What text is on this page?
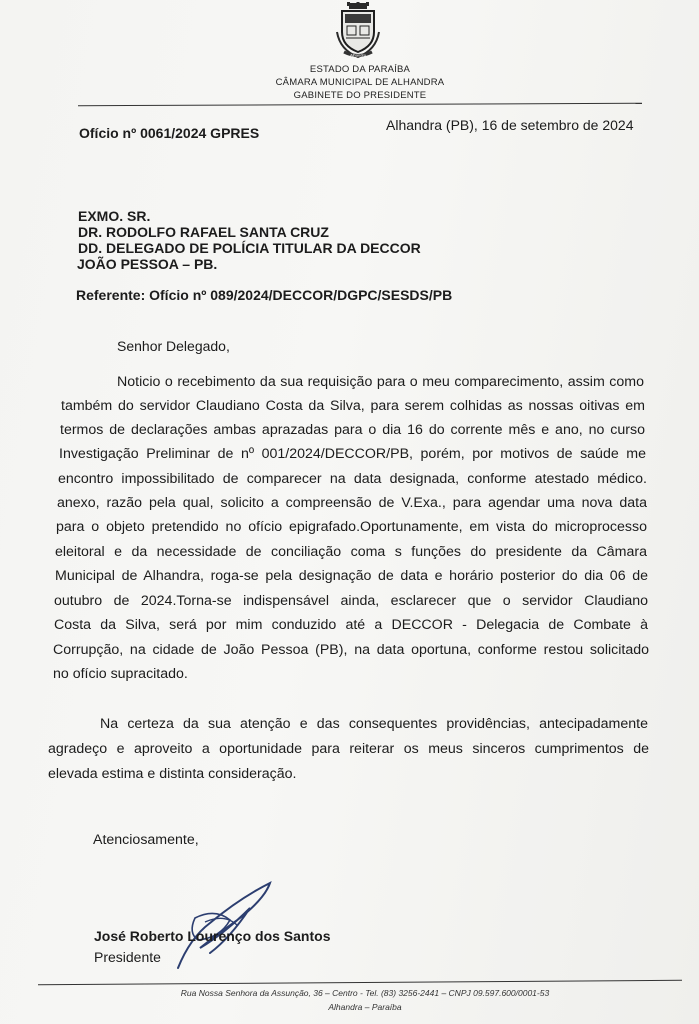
Alhandra
ESTADO DA PARAÍBA
CÂMARA MUNICIPAL DE ALHANDRA
GABINETE DO PRESIDENTE
Ofício nº 0061/2024 GPRES	Alhandra (PB), 16 de setembro de 2024
EXMO. SR.
DR. RODOLFO RAFAEL SANTA CRUZ
DD. DELEGADO DE POLÍCIA TITULAR DA DECCOR
JOÃO PESSOA – PB.
Referente: Ofício nº 089/2024/DECCOR/DGPC/SESDS/PB
Senhor Delegado,
Noticio o recebimento da sua requisição para o meu comparecimento, assim como
também do servidor Claudiano Costa da Silva, para serem colhidas as nossas oitivas em
termos de declarações ambas aprazadas para o dia 16 do corrente mês e ano, no curso
Investigação Preliminar de nº 001/2024/DECCOR/PB, porém, por motivos de saúde me
encontro impossibilitado de comparecer na data designada, conforme atestado médico.
anexo, razão pela qual, solicito a compreensão de V.Exa., para agendar uma nova data
para o objeto pretendido no ofício epigrafado.Oportunamente, em vista do microprocesso
eleitoral e da necessidade de conciliação coma s funções do presidente da Câmara
Municipal de Alhandra, roga-se pela designação de data e horário posterior do dia 06 de
outubro de 2024.Torna-se indispensável ainda, esclarecer que o servidor Claudiano
Costa da Silva, será por mim conduzido até a DECCOR - Delegacia de Combate à
Corrupção, na cidade de João Pessoa (PB), na data oportuna, conforme restou solicitado
no ofício supracitado.
Na certeza da sua atenção e das consequentes providências, antecipadamente
agradeço e aproveito a oportunidade para reiterar os meus sinceros cumprimentos de
elevada estima e distinta consideração.
Atenciosamente,
José Roberto Lourenço dos Santos
Presidente
Rua Nossa Senhora da Assunção, 36 – Centro - Tel. (83) 3256-2441 – CNPJ 09.597.600/0001-53
Alhandra – Paraíba
